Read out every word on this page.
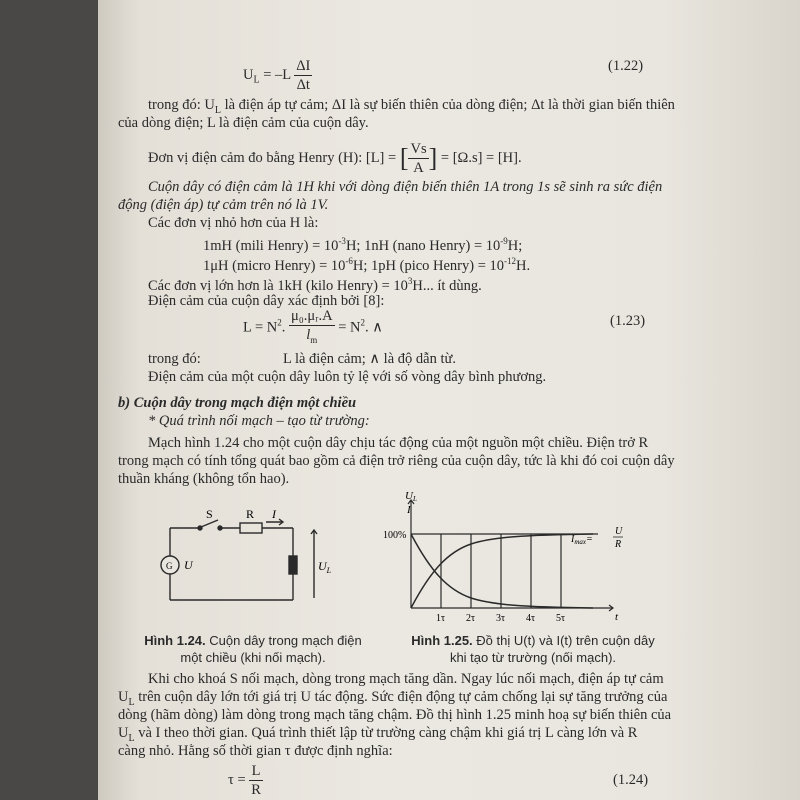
$U_L = -L \frac{\Delta I}{\Delta t}$	(1.22)
trong đó: $U_L$ là điện áp tự cảm; ΔI là sự biến thiên của dòng điện; Δt là thời gian biến thiên
của dòng điện; L là điện cảm của cuộn dây.
Đơn vị điện cảm đo bằng Henry (H): [L] = [ $\frac{Vs}{A}$ ] = [Ω.s] = [H].
Cuộn dây có điện cảm là 1H khi với dòng điện biến thiên 1A trong 1s sẽ sinh ra sức điện
động (điện áp) tự cảm trên nó là 1V.
Các đơn vị nhỏ hơn của H là:
1mH (mili Henry) = $10^{-3}H$; 1nH (nano Henry) = $10^{-9}H$;
1μH (micro Henry) = $10^{-6}H$; 1pH (pico Henry) = $10^{-12}H$.
Các đơn vị lớn hơn là 1kH (kilo Henry) = $10^3H$... ít dùng.
Điện cảm của cuộn dây xác định bởi [8]:
$L = N^2$. $\frac{\text{μ₀.μᵣ.A}}{l_m} = N^2$. ∧	(1.23)
trong đó:	L là điện cảm; ∧ là độ dẫn từ.
Điện cảm của một cuộn dây luôn tỷ lệ với số vòng dây bình phương.
b) Cuộn dây trong mạch điện một chiều
* Quá trình nối mạch – tạo từ trường:
Mạch hình 1.24 cho một cuộn dây chịu tác động của một nguồn một chiều. Điện trở R
trong mạch có tính tổng quát bao gồm cả điện trở riêng của cuộn dây, tức là khi đó coi cuộn dây
thuần kháng (không tổn hao).
S	R I
G U	$U_L$
UL
I
100%	$I_{max}=$
U
R
t
1τ 2τ 3τ 4τ 5τ
Hình 1.24. Cuộn dây trong mạch điện
một chiều (khi nối mạch).
Hình 1.25. Đồ thị U(t) và I(t) trên cuộn dây
khi tạo từ trường (nối mạch).
Khi cho khoá S nối mạch, dòng trong mạch tăng dần. Ngay lúc nối mạch, điện áp tự cảm
$U_L$ trên cuộn dây lớn tới giá trị U tác động. Sức điện động tự cảm chống lại sự tăng trưởng của
dòng (hãm dòng) làm dòng trong mạch tăng chậm. Đồ thị hình 1.25 minh hoạ sự biến thiên của
$U_L$ và I theo thời gian. Quá trình thiết lập từ trường càng chậm khi giá trị L càng lớn và R
càng nhỏ. Hằng số thời gian τ được định nghĩa:
$\tau = \frac{L}{R}$	(1.24)
